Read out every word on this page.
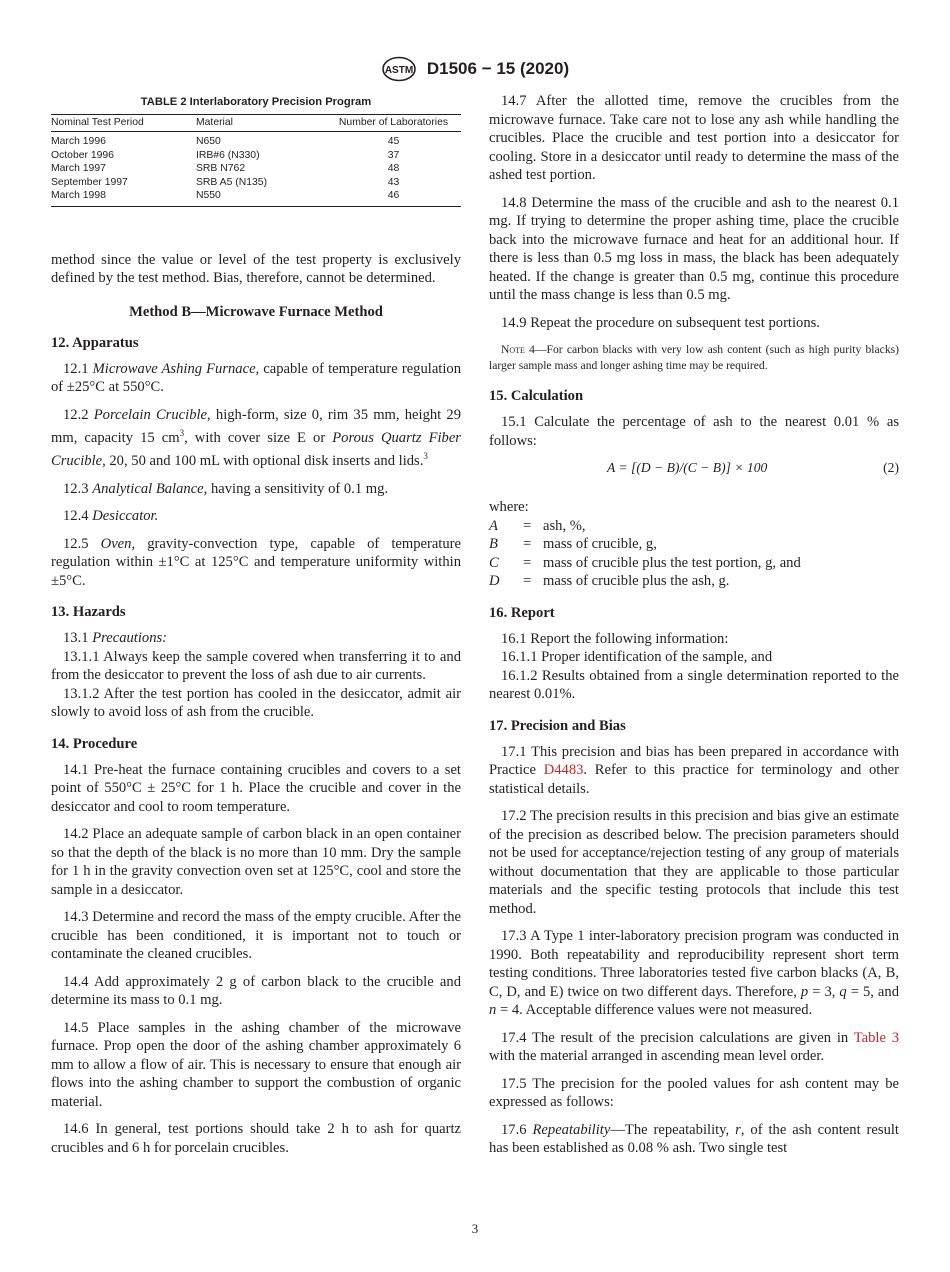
ASTM D1506 − 15 (2020)
TABLE 2 Interlaboratory Precision Program
Nominal Test Period	Material	Number of Laboratories
March 1996	N650	45
October 1996	IRB#6 (N330)	37
March 1997	SRB N762	48
September 1997	SRB A5 (N135)	43
March 1998	N550	46

method since the value or level of the test property is exclusively defined by the test method. Bias, therefore, cannot be determined.

Method B—Microwave Furnace Method
12. Apparatus

12.1 Microwave Ashing Furnace, capable of temperature regulation of ±25°C at 550°C.

12.2 Porcelain Crucible, high-form, size 0, rim 35 mm, height 29 mm, capacity 15 $cm^3$, with cover size E or Porous Quartz Fiber Crucible, 20, 50 and 100 mL with optional disk inserts and lids.$^3$

12.3 Analytical Balance, having a sensitivity of 0.1 mg.

12.4 Desiccator.

12.5 Oven, gravity-convection type, capable of temperature regulation within ±1°C at 125°C and temperature uniformity within ±5°C.

13. Hazards

13.1 Precautions:

13.1.1 Always keep the sample covered when transferring it to and from the desiccator to prevent the loss of ash due to air currents.

13.1.2 After the test portion has cooled in the desiccator, admit air slowly to avoid loss of ash from the crucible.

14. Procedure

14.1 Pre-heat the furnace containing crucibles and covers to a set point of 550°C ± 25°C for 1 h. Place the crucible and cover in the desiccator and cool to room temperature.

14.2 Place an adequate sample of carbon black in an open container so that the depth of the black is no more than 10 mm. Dry the sample for 1 h in the gravity convection oven set at 125°C, cool and store the sample in a desiccator.

14.3 Determine and record the mass of the empty crucible. After the crucible has been conditioned, it is important not to touch or contaminate the cleaned crucibles.

14.4 Add approximately 2 g of carbon black to the crucible and determine its mass to 0.1 mg.

14.5 Place samples in the ashing chamber of the microwave furnace. Prop open the door of the ashing chamber approximately 6 mm to allow a flow of air. This is necessary to ensure that enough air flows into the ashing chamber to support the combustion of organic material.

14.6 In general, test portions should take 2 h to ash for quartz crucibles and 6 h for porcelain crucibles.

14.7 After the allotted time, remove the crucibles from the microwave furnace. Take care not to lose any ash while handling the crucibles. Place the crucible and test portion into a desiccator for cooling. Store in a desiccator until ready to determine the mass of the ashed test portion.

14.8 Determine the mass of the crucible and ash to the nearest 0.1 mg. If trying to determine the proper ashing time, place the crucible back into the microwave furnace and heat for an additional hour. If there is less than 0.5 mg loss in mass, the black has been adequately heated. If the change is greater than 0.5 mg, continue this procedure until the mass change is less than 0.5 mg.

14.9 Repeat the procedure on subsequent test portions.

Note 4—For carbon blacks with very low ash content (such as high purity blacks) larger sample mass and longer ashing time may be required.
15. Calculation

15.1 Calculate the percentage of ash to the nearest 0.01 % as follows:

A = [(D − B)/(C − B)] × 100	(2)
where:
A	=	ash, %,
B	=	mass of crucible, g,
C	=	mass of crucible plus the test portion, g, and
D	=	mass of crucible plus the ash, g.
16. Report

16.1 Report the following information:

16.1.1 Proper identification of the sample, and

16.1.2 Results obtained from a single determination reported to the nearest 0.01%.

17. Precision and Bias

17.1 This precision and bias has been prepared in accordance with Practice D4483. Refer to this practice for terminology and other statistical details.

17.2 The precision results in this precision and bias give an estimate of the precision as described below. The precision parameters should not be used for acceptance/rejection testing of any group of materials without documentation that they are applicable to those particular materials and the specific testing protocols that include this test method.

17.3 A Type 1 inter-laboratory precision program was conducted in 1990. Both repeatability and reproducibility represent short term testing conditions. Three laboratories tested five carbon blacks (A, B, C, D, and E) twice on two different days. Therefore, p = 3, q = 5, and n = 4. Acceptable difference values were not measured.

17.4 The result of the precision calculations are given in Table 3 with the material arranged in ascending mean level order.

17.5 The precision for the pooled values for ash content may be expressed as follows:

17.6 Repeatability—The repeatability, r, of the ash content result has been established as 0.08 % ash. Two single test

3
